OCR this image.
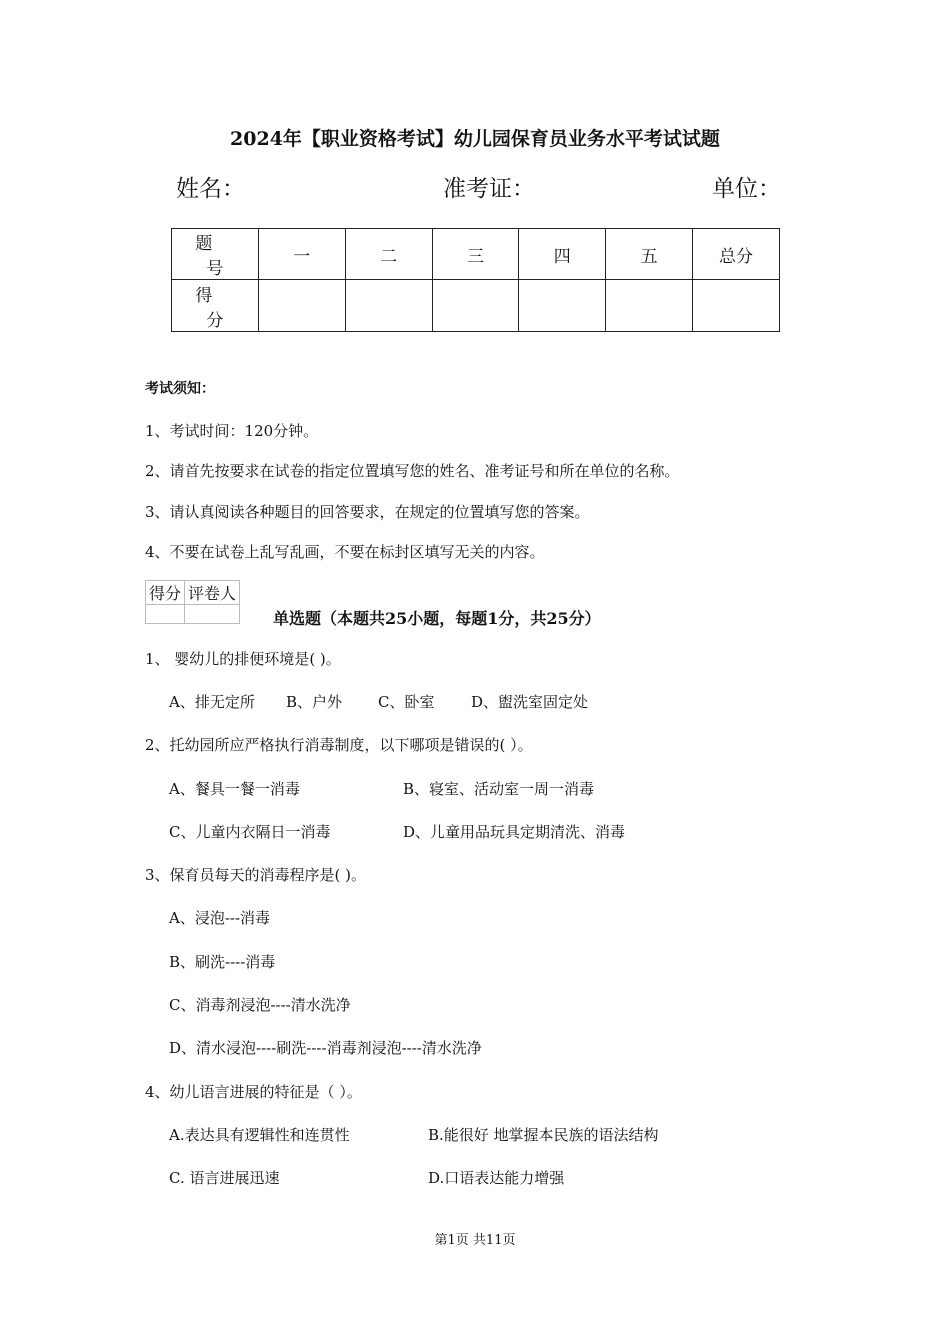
2024年【职业资格考试】幼儿园保育员业务水平考试试题
姓名：	准考证：	单位：
题 号	一	二	三	四	五	总分
得 分						
考试须知：
1、考试时间：120分钟。
2、请首先按要求在试卷的指定位置填写您的姓名、准考证号和所在单位的名称。
3、请认真阅读各种题目的回答要求，在规定的位置填写您的答案。
4、不要在试卷上乱写乱画，不要在标封区填写无关的内容。
得分	评卷人

单选题（本题共25小题，每题1分，共25分）
1、 婴幼儿的排便环境是( )。
A、排无定所 B、户外 C、卧室 D、盥洗室固定处
2、托幼园所应严格执行消毒制度，以下哪项是错误的( ）。
A、餐具一餐一消毒	B、寝室、活动室一周一消毒
C、儿童内衣隔日一消毒	D、儿童用品玩具定期清洗、消毒
3、保育员每天的消毒程序是( )。
A、浸泡---消毒
B、刷洗----消毒
C、消毒剂浸泡----清水洗净
D、清水浸泡----刷洗----消毒剂浸泡----清水洗净
4、幼儿语言进展的特征是（ ）。
A.表达具有逻辑性和连贯性	B.能很好 地掌握本民族的语法结构
C. 语言进展迅速	D.口语表达能力增强
第1页 共11页
